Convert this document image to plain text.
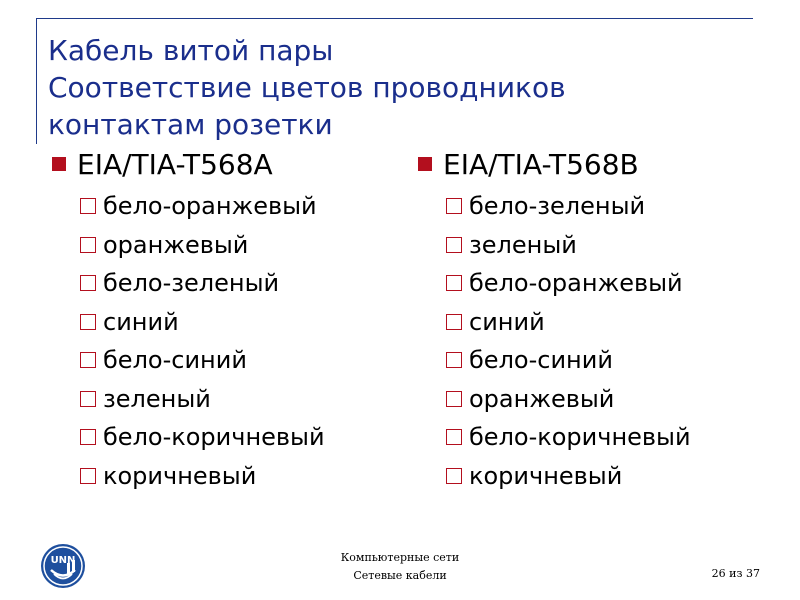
Кабель витой пары
Соответствие цветов проводников
контактам розетки
EIA/TIA-T568A
бело-оранжевый
оранжевый
бело-зеленый
синий
бело-синий
зеленый
бело-коричневый
коричневый
EIA/TIA-T568B
бело-зеленый
зеленый
бело-оранжевый
синий
бело-синий
оранжевый
бело-коричневый
коричневый
UNN	Компьютерные сети
Сетевые кабели	26 из 37
